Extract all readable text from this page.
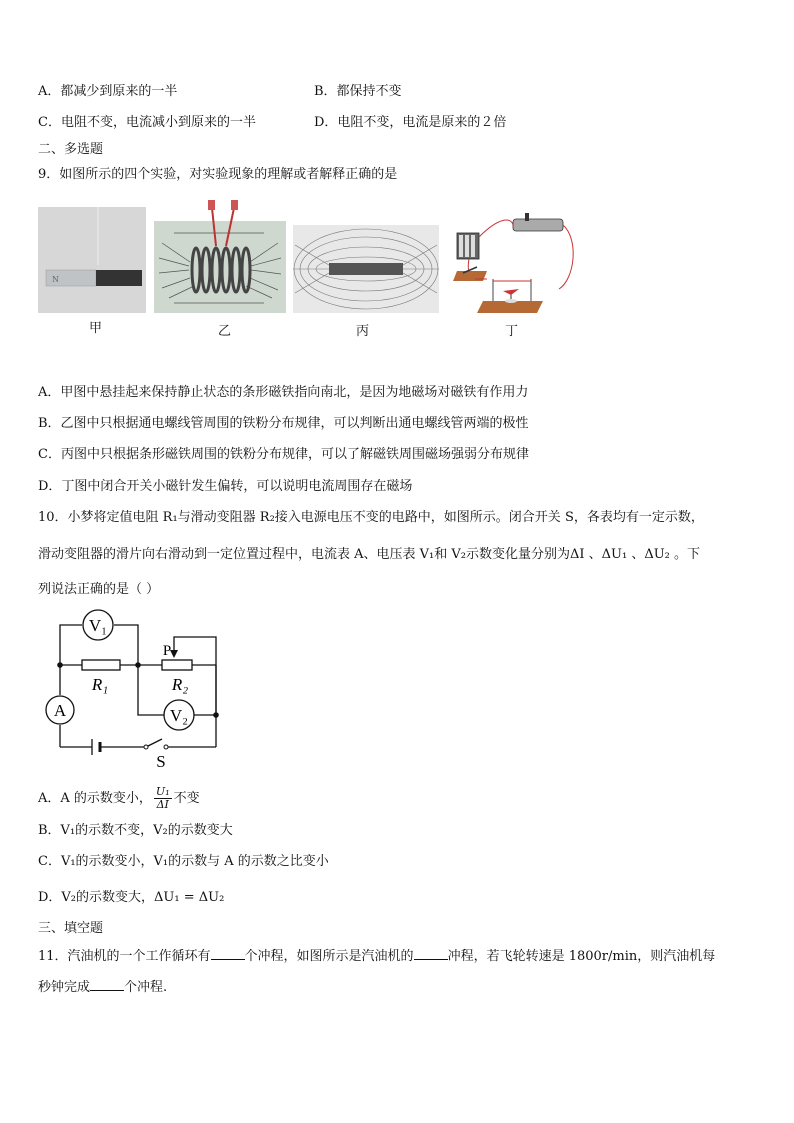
A．都减少到原来的一半	B．都保持不变
C．电阻不变，电流减小到原来的一半	D．电阻不变，电流是原来的２倍
二、多选题
9．如图所示的四个实验，对实验现象的理解或者解释正确的是
N
甲	乙	丙	丁
A．甲图中悬挂起来保持静止状态的条形磁铁指向南北，是因为地磁场对磁铁有作用力
B．乙图中只根据通电螺线管周围的铁粉分布规律，可以判断出通电螺线管两端的极性
C．丙图中只根据条形磁铁周围的铁粉分布规律，可以了解磁铁周围磁场强弱分布规律
D．丁图中闭合开关小磁针发生偏转，可以说明电流周围存在磁场
10．小梦将定值电阻 R₁与滑动变阻器 R₂接入电源电压不变的电路中，如图所示。闭合开关 S，各表均有一定示数，
滑动变阻器的滑片向右滑动到一定位置过程中，电流表 A、电压表 V₁和 V₂示数变化量分别为ΔI 、ΔU₁ 、ΔU₂ 。下
列说法正确的是（ ）
V₁
A	V₂
R₁	R₂
P
S
A．A 的示数变小， $\frac{\text{U₁}}{\Delta I}$ 不变
B．V₁的示数不变，V₂的示数变大
C．V₁的示数变小，V₁的示数与 A 的示数之比变小
D．V₂的示数变大，ΔU₁ = ΔU₂
三、填空题
11．汽油机的一个工作循环有	个冲程，如图所示是汽油机的	冲程，若飞轮转速是 1800r/min，则汽油机每
秒钟完成	个冲程.
